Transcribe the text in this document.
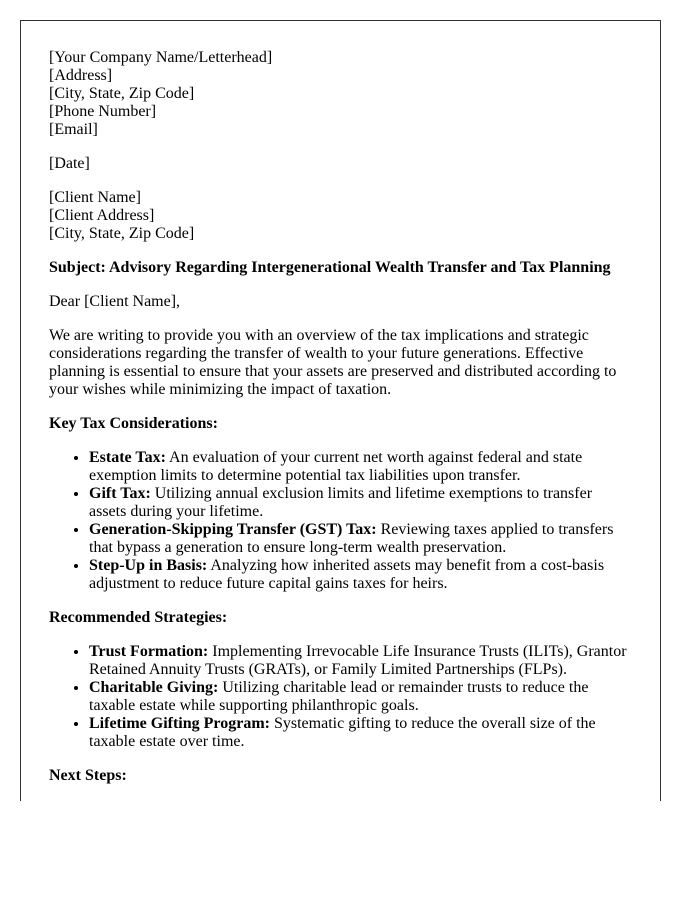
[Your Company Name/Letterhead]
[Address]
[City, State, Zip Code]
[Phone Number]
[Email]

[Date]

[Client Name]
[Client Address]
[City, State, Zip Code]

Subject: Advisory Regarding Intergenerational Wealth Transfer and Tax Planning

Dear [Client Name],

We are writing to provide you with an overview of the tax implications and strategic considerations regarding the transfer of wealth to your future generations. Effective planning is essential to ensure that your assets are preserved and distributed according to your wishes while minimizing the impact of taxation.

Key Tax Considerations:

• Estate Tax: An evaluation of your current net worth against federal and state exemption limits to determine potential tax liabilities upon transfer.
• Gift Tax: Utilizing annual exclusion limits and lifetime exemptions to transfer assets during your lifetime.
• Generation-Skipping Transfer (GST) Tax: Reviewing taxes applied to transfers that bypass a generation to ensure long-term wealth preservation.
• Step-Up in Basis: Analyzing how inherited assets may benefit from a cost-basis adjustment to reduce future capital gains taxes for heirs.

Recommended Strategies:

• Trust Formation: Implementing Irrevocable Life Insurance Trusts (ILITs), Grantor Retained Annuity Trusts (GRATs), or Family Limited Partnerships (FLPs).
• Charitable Giving: Utilizing charitable lead or remainder trusts to reduce the taxable estate while supporting philanthropic goals.
• Lifetime Gifting Program: Systematic gifting to reduce the overall size of the taxable estate over time.

Next Steps:
